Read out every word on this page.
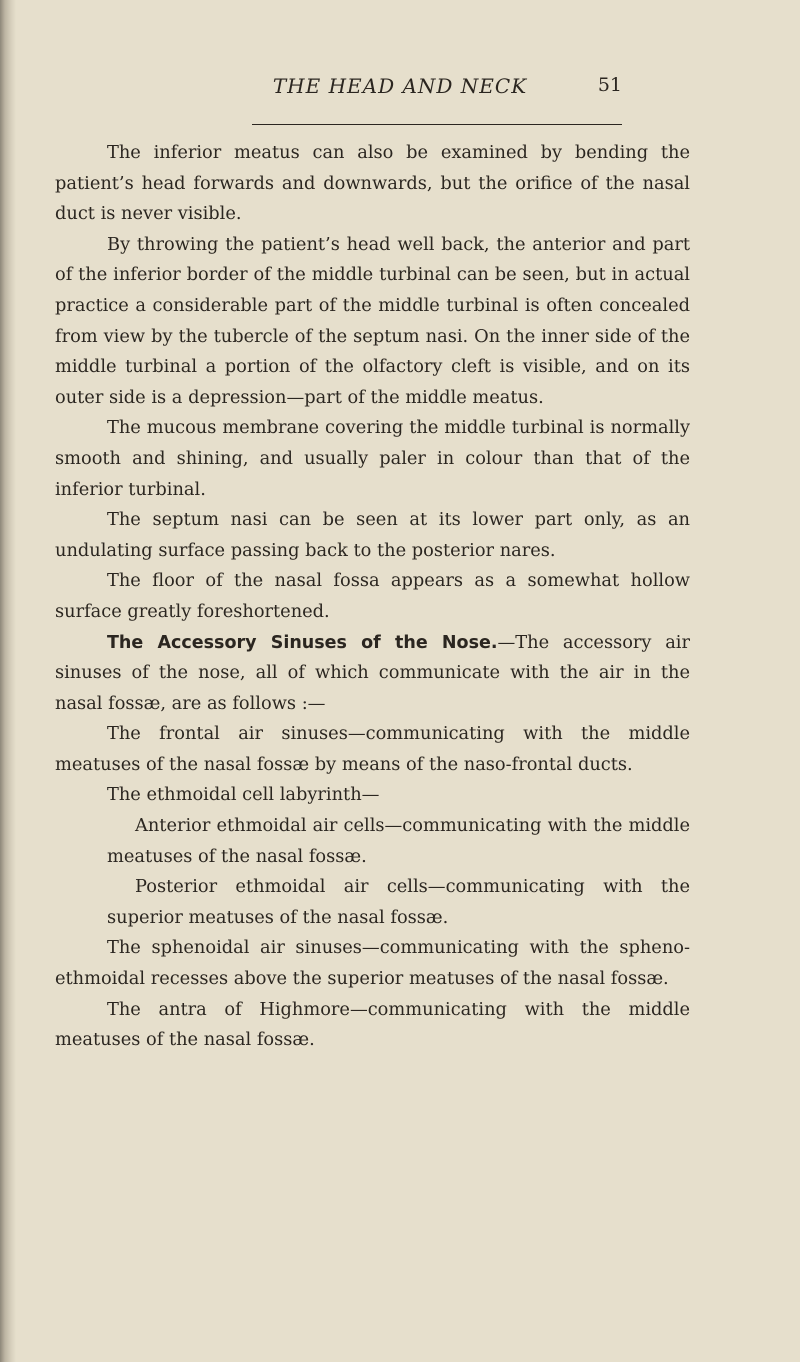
THE HEAD AND NECK	51
The inferior meatus can also be examined by bending the patient’s head forwards and downwards, but the orifice of the nasal duct is never visible.
By throwing the patient’s head well back, the anterior and part of the inferior border of the middle turbinal can be seen, but in actual practice a considerable part of the middle turbinal is often concealed from view by the tubercle of the septum nasi. On the inner side of the middle turbinal a portion of the olfactory cleft is visible, and on its outer side is a depression—part of the middle meatus.
The mucous membrane covering the middle turbinal is normally smooth and shining, and usually paler in colour than that of the inferior turbinal.
The septum nasi can be seen at its lower part only, as an undulating surface passing back to the posterior nares.
The floor of the nasal fossa appears as a somewhat hollow surface greatly foreshortened.
The Accessory Sinuses of the Nose.—The accessory air sinuses of the nose, all of which communicate with the air in the nasal fossæ, are as follows :—
The frontal air sinuses—communicating with the middle meatuses of the nasal fossæ by means of the naso-frontal ducts.
The ethmoidal cell labyrinth—
Anterior ethmoidal air cells—communicating with the middle meatuses of the nasal fossæ.
Posterior ethmoidal air cells—communicating with the superior meatuses of the nasal fossæ.
The sphenoidal air sinuses—communicating with the spheno-ethmoidal recesses above the superior meatuses of the nasal fossæ.
The antra of Highmore—communicating with the middle meatuses of the nasal fossæ.
